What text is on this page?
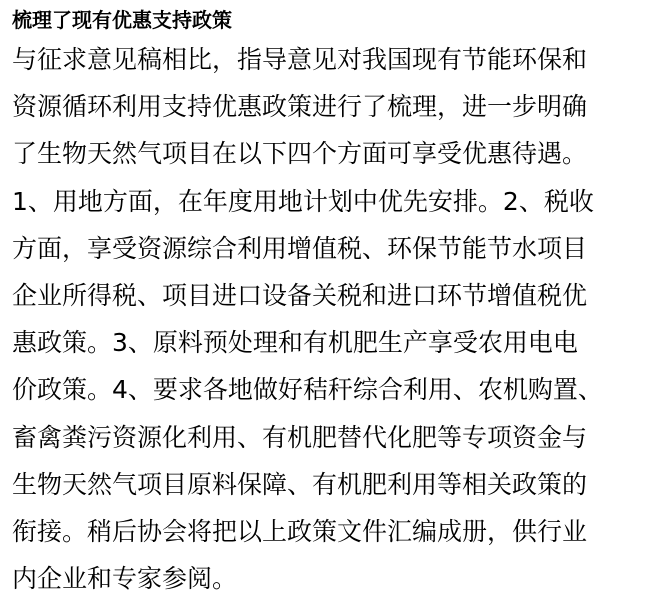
梳理了现有优惠支持政策
与征求意见稿相比，指导意见对我国现有节能环保和
资源循环利用支持优惠政策进行了梳理，进一步明确
了生物天然气项目在以下四个方面可享受优惠待遇。
1、用地方面，在年度用地计划中优先安排。2、税收
方面，享受资源综合利用增值税、环保节能节水项目
企业所得税、项目进口设备关税和进口环节增值税优
惠政策。3、原料预处理和有机肥生产享受农用电电
价政策。4、要求各地做好秸秆综合利用、农机购置、
畜禽粪污资源化利用、有机肥替代化肥等专项资金与
生物天然气项目原料保障、有机肥利用等相关政策的
衔接。稍后协会将把以上政策文件汇编成册，供行业
内企业和专家参阅。
